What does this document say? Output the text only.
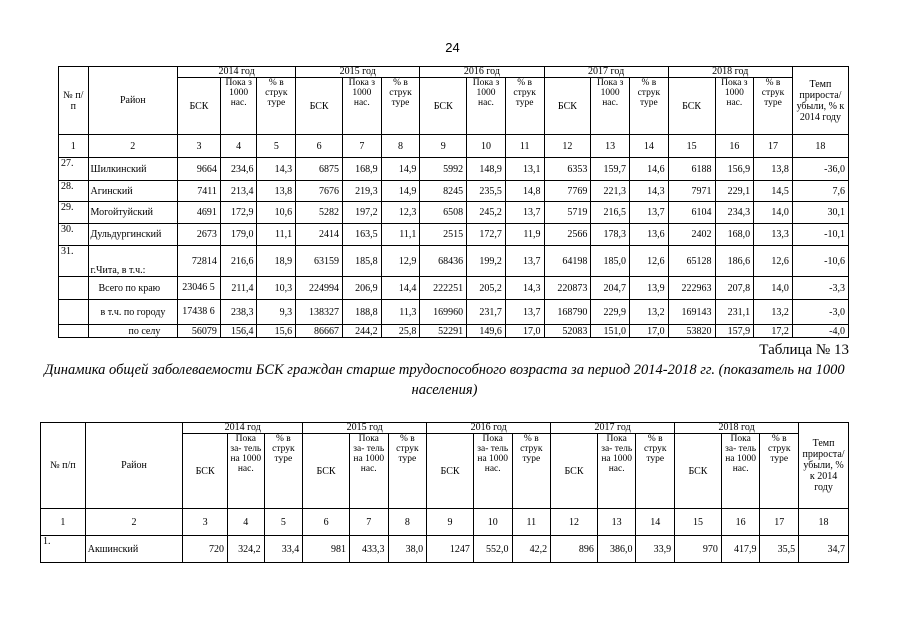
24
№ п/п	Район	2014 год			2015 год			2016 год			2017 год			2018 год			Темп прироста/ убыли, % к 2014 году
		БСК	Пока з 1000 нас.	% в струк туре	БСК	Пока з 1000 нас.	% в струк туре	БСК	Пока з 1000 нас.	% в струк туре	БСК	Пока з 1000 нас.	% в струк туре	БСК	Пока з 1000 нас.	% в струк туре	
1	2	3	4	5	6	7	8	9	10	11	12	13	14	15	16	17	18
27.	Шилкинский	9664	234,6	14,3	6875	168,9	14,9	5992	148,9	13,1	6353	159,7	14,6	6188	156,9	13,8	-36,0
28.	Агинский	7411	213,4	13,8	7676	219,3	14,9	8245	235,5	14,8	7769	221,3	14,3	7971	229,1	14,5	7,6
29.	Могойтуйский	4691	172,9	10,6	5282	197,2	12,3	6508	245,2	13,7	5719	216,5	13,7	6104	234,3	14,0	30,1
30.	Дульдургинский	2673	179,0	11,1	2414	163,5	11,1	2515	172,7	11,9	2566	178,3	13,6	2402	168,0	13,3	-10,1
31.	г.Чита, в т.ч.:	72814	216,6	18,9	63159	185,8	12,9	68436	199,2	13,7	64198	185,0	12,6	65128	186,6	12,6	-10,6
	Всего по краю	23046 5	211,4	10,3	224994	206,9	14,4	222251	205,2	14,3	220873	204,7	13,9	222963	207,8	14,0	-3,3
	в т.ч. по городу	17438 6	238,3	9,3	138327	188,8	11,3	169960	231,7	13,7	168790	229,9	13,2	169143	231,1	13,2	-3,0
	по селу	56079	156,4	15,6	86667	244,2	25,8	52291	149,6	17,0	52083	151,0	17,0	53820	157,9	17,2	-4,0
Таблица № 13
Динамика общей заболеваемости БСК граждан старше трудоспособного возраста за период 2014-2018 гг. (показатель на 1000 населения)
№ п/п	Район	2014 год			2015 год			2016 год			2017 год			2018 год			Темп прироста/ убыли, % к 2014 году
		БСК	Пока за- тель на 1000 нас.	% в струк туре	БСК	Пока за- тель на 1000 нас.	% в струк туре	БСК	Пока за- тель на 1000 нас.	% в струк туре	БСК	Пока за- тель на 1000 нас.	% в струк туре	БСК	Пока за- тель на 1000 нас.	% в струк туре	
1	2	3	4	5	6	7	8	9	10	11	12	13	14	15	16	17	18
1.	Акшинский	720	324,2	33,4	981	433,3	38,0	1247	552,0	42,2	896	386,0	33,9	970	417,9	35,5	34,7
